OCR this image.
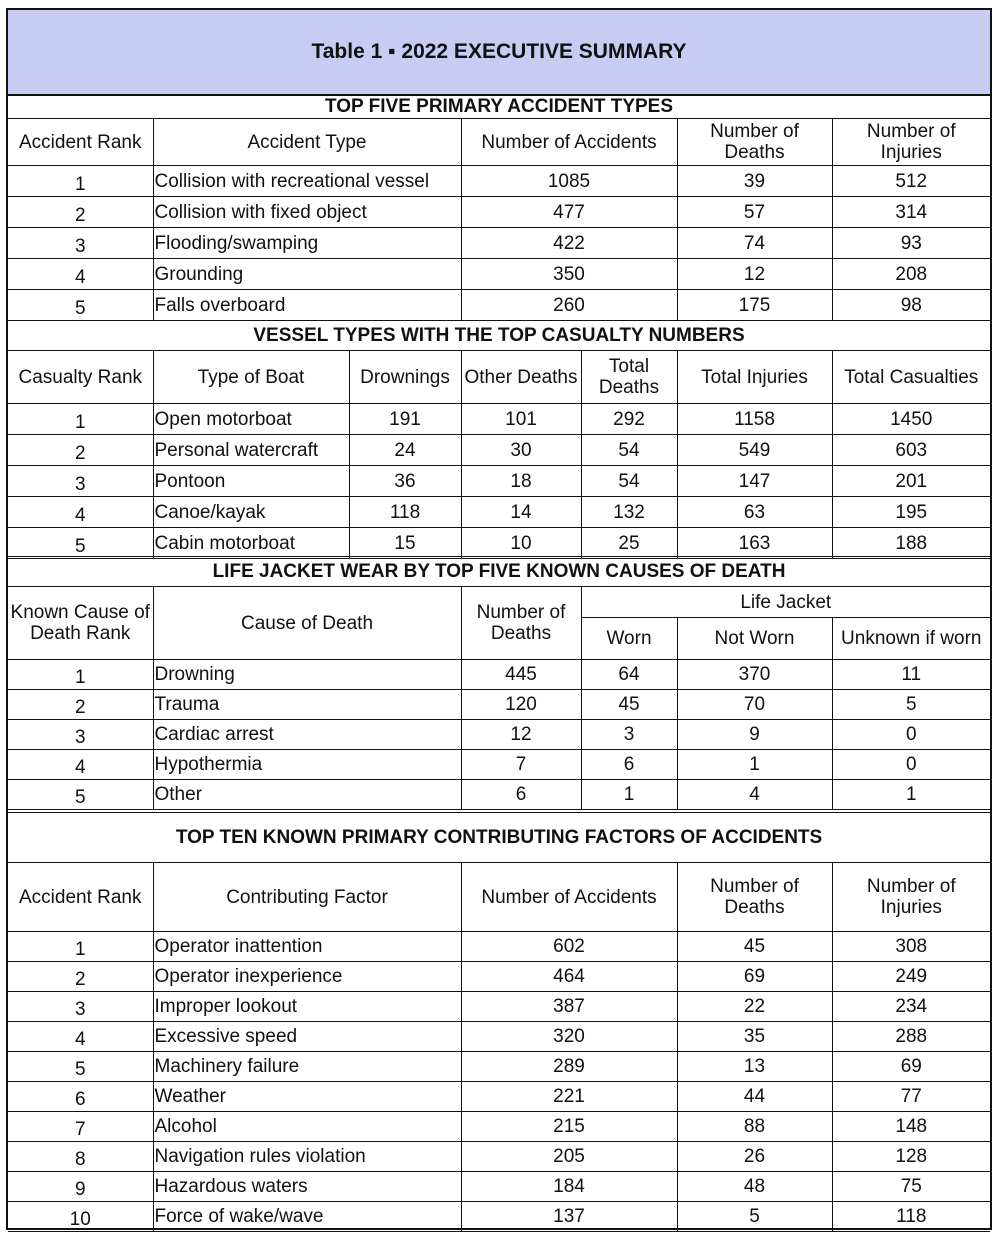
Table 1 ▪ 2022 EXECUTIVE SUMMARY
TOP FIVE PRIMARY ACCIDENT TYPES				
Accident Rank	Accident Type	Number of Accidents	Number of Deaths	Number of Injuries
1	Collision with recreational vessel	1085	39	512
2	Collision with fixed object	477	57	314
3	Flooding/swamping	422	74	93
4	Grounding	350	12	208
5	Falls overboard	260	175	98
VESSEL TYPES WITH THE TOP CASUALTY NUMBERS						
Casualty Rank	Type of Boat	Drownings	Other Deaths	Total Deaths	Total Injuries	Total Casualties
1	Open motorboat	191	101	292	1158	1450
2	Personal watercraft	24	30	54	549	603
3	Pontoon	36	18	54	147	201
4	Canoe/kayak	118	14	132	63	195
5	Cabin motorboat	15	10	25	163	188
LIFE JACKET WEAR BY TOP FIVE KNOWN CAUSES OF DEATH					
Known Cause of Death Rank	Cause of Death	Number of Deaths	Life Jacket		
			Worn	Not Worn	Unknown if worn
1	Drowning	445	64	370	11
2	Trauma	120	45	70	5
3	Cardiac arrest	12	3	9	0
4	Hypothermia	7	6	1	0
5	Other	6	1	4	1
TOP TEN KNOWN PRIMARY CONTRIBUTING FACTORS OF ACCIDENTS				
Accident Rank	Contributing Factor	Number of Accidents	Number of Deaths	Number of Injuries
1	Operator inattention	602	45	308
2	Operator inexperience	464	69	249
3	Improper lookout	387	22	234
4	Excessive speed	320	35	288
5	Machinery failure	289	13	69
6	Weather	221	44	77
7	Alcohol	215	88	148
8	Navigation rules violation	205	26	128
9	Hazardous waters	184	48	75
10	Force of wake/wave	137	5	118
